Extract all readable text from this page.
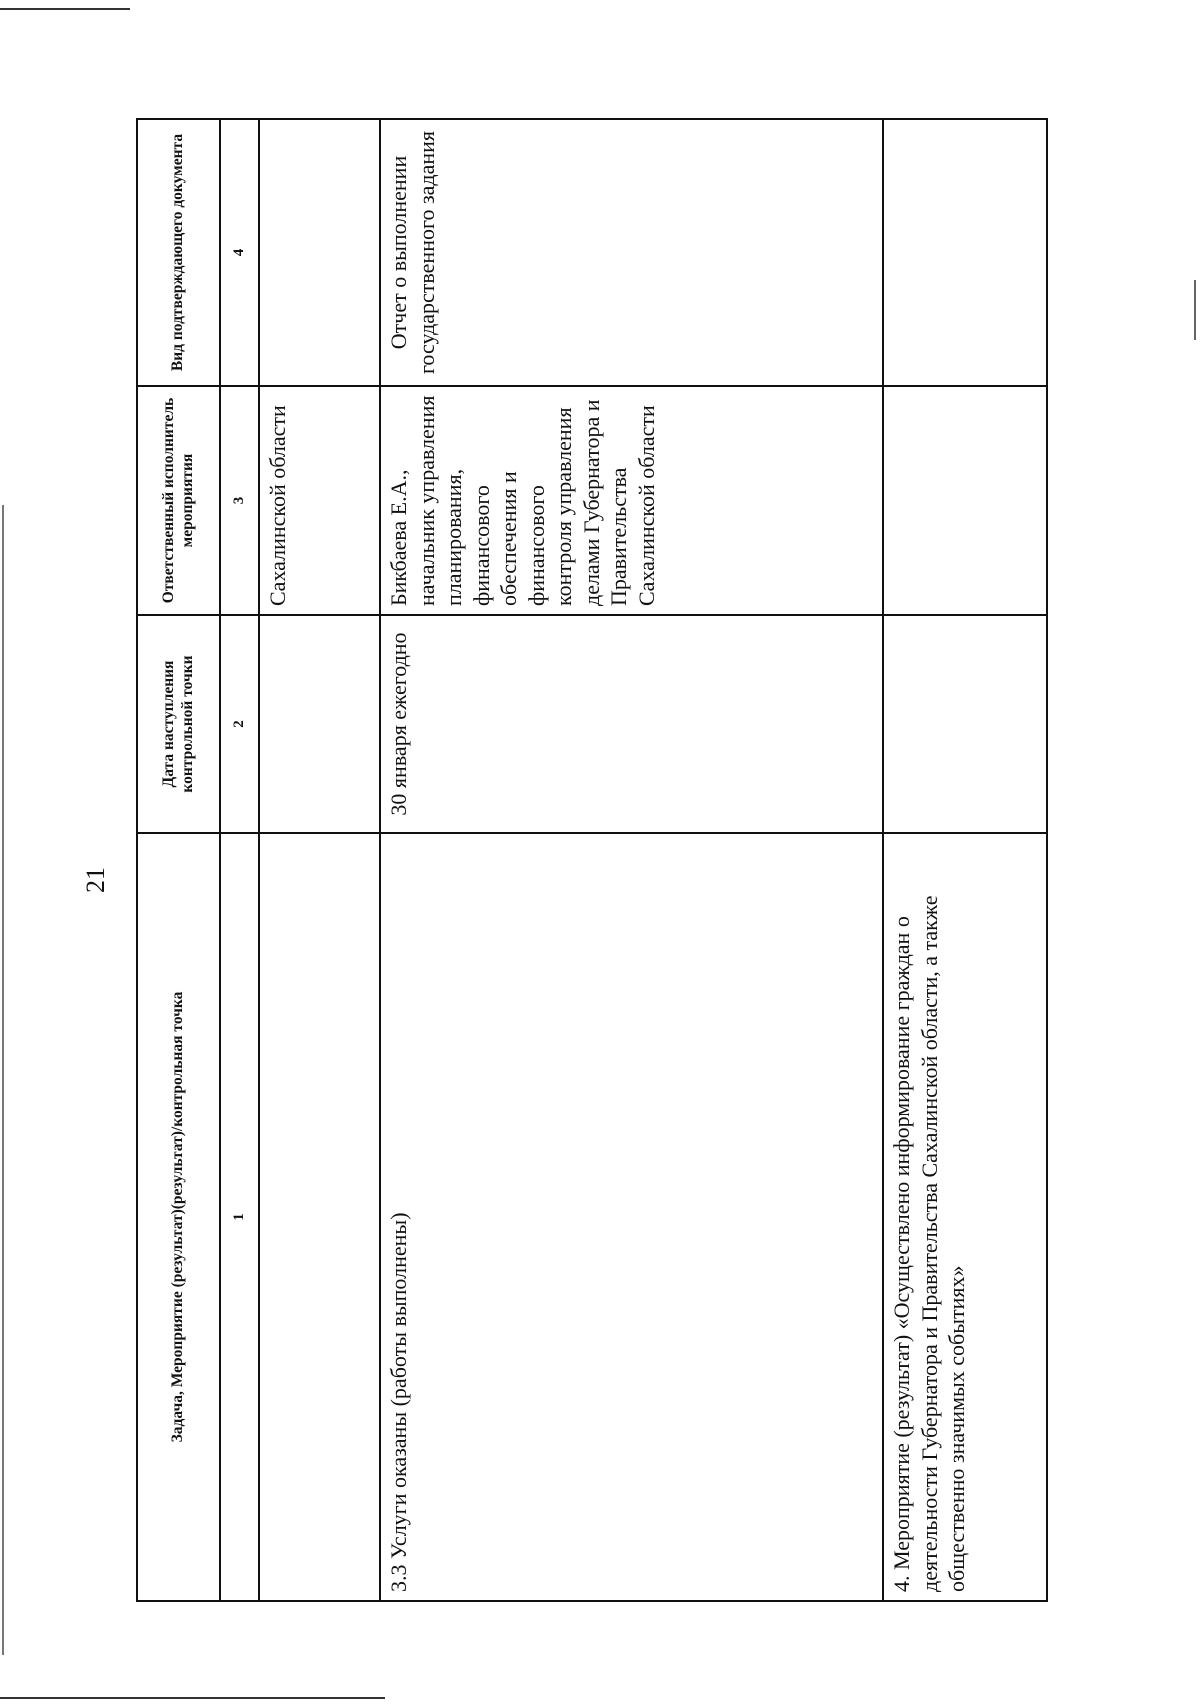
21
Задача, Мероприятие (результат)(результат)/контрольная точка	Дата наступления контрольной точки	Ответственный исполнитель мероприятия	Вид подтверждающего документа
1	2	3	4
		Сахалинской области	
3.3 Услуги оказаны (работы выполнены)	30 января ежегодно	Бикбаева Е.А., начальник управления планирования, финансового обеспечения и финансового контроля управления делами Губернатора и Правительства Сахалинской области	Отчет о выполнении государственного задания
4. Мероприятие (результат) «Осуществлено информирование граждан о деятельности Губернатора и Правительства Сахалинской области, а также общественно значимых событиях»			
